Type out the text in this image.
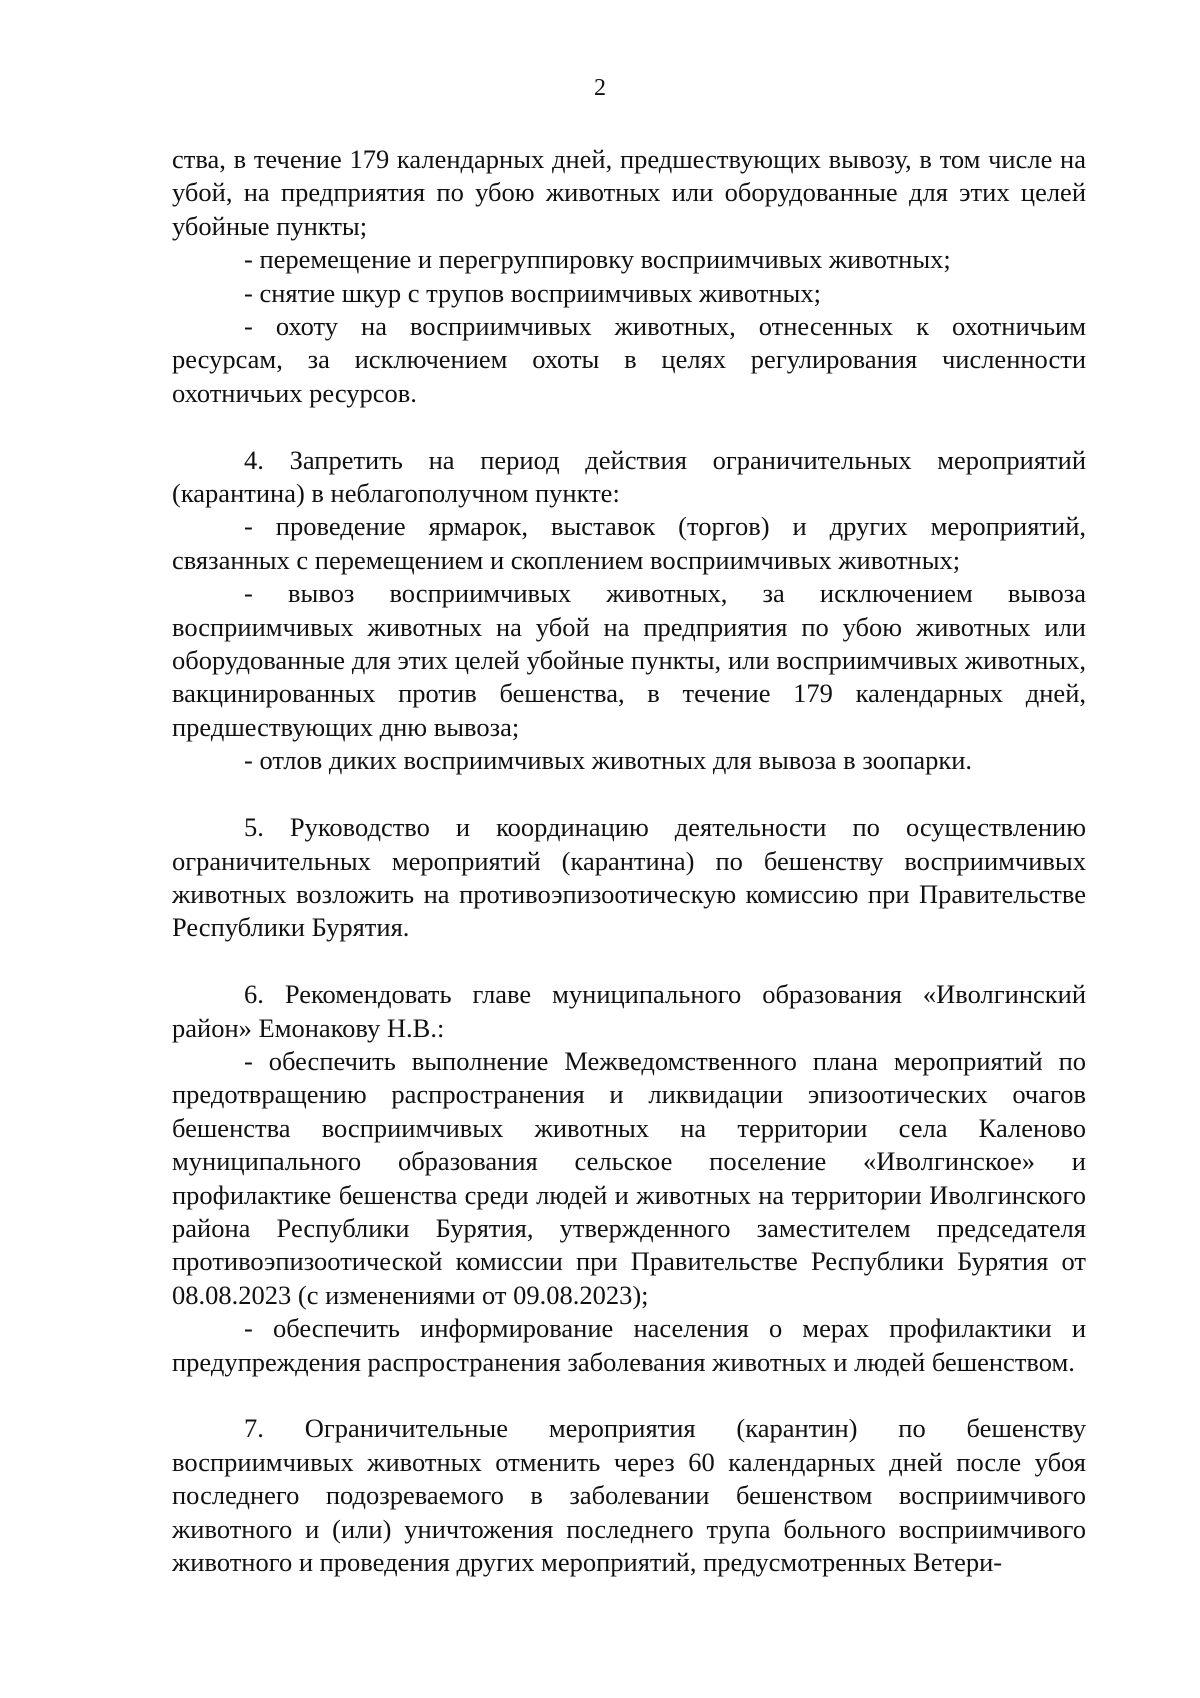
2

ства, в течение 179 календарных дней, предшествующих вывозу, в том числе на убой, на предприятия по убою животных или оборудованные для этих целей убойные пункты;

- перемещение и перегруппировку восприимчивых животных;

- снятие шкур с трупов восприимчивых животных;

- охоту на восприимчивых животных, отнесенных к охотничьим ресурсам, за исключением охоты в целях регулирования численности охотничьих ресурсов.

4. Запретить на период действия ограничительных мероприятий (карантина) в неблагополучном пункте:

- проведение ярмарок, выставок (торгов) и других мероприятий, связанных с перемещением и скоплением восприимчивых животных;

- вывоз восприимчивых животных, за исключением вывоза восприимчивых животных на убой на предприятия по убою животных или оборудованные для этих целей убойные пункты, или восприимчивых животных, вакцинированных против бешенства, в течение 179 календарных дней, предшествующих дню вывоза;

- отлов диких восприимчивых животных для вывоза в зоопарки.

5. Руководство и координацию деятельности по осуществлению ограничительных мероприятий (карантина) по бешенству восприимчивых животных возложить на противоэпизоотическую комиссию при Правительстве Республики Бурятия.

6. Рекомендовать главе муниципального образования «Иволгинский район» Емонакову Н.В.:

- обеспечить выполнение Межведомственного плана мероприятий по предотвращению распространения и ликвидации эпизоотических очагов бешенства восприимчивых животных на территории села Каленово муниципального образования сельское поселение «Иволгинское» и профилактике бешенства среди людей и животных на территории Иволгинского района Республики Бурятия, утвержденного заместителем председателя противоэпизоотической комиссии при Правительстве Республики Бурятия от 08.08.2023 (с изменениями от 09.08.2023);

- обеспечить информирование населения о мерах профилактики и предупреждения распространения заболевания животных и людей бешенством.

7. Ограничительные мероприятия (карантин) по бешенству восприимчивых животных отменить через 60 календарных дней после убоя последнего подозреваемого в заболевании бешенством восприимчивого животного и (или) уничтожения последнего трупа больного восприимчивого животного и проведения других мероприятий, предусмотренных Ветери-
